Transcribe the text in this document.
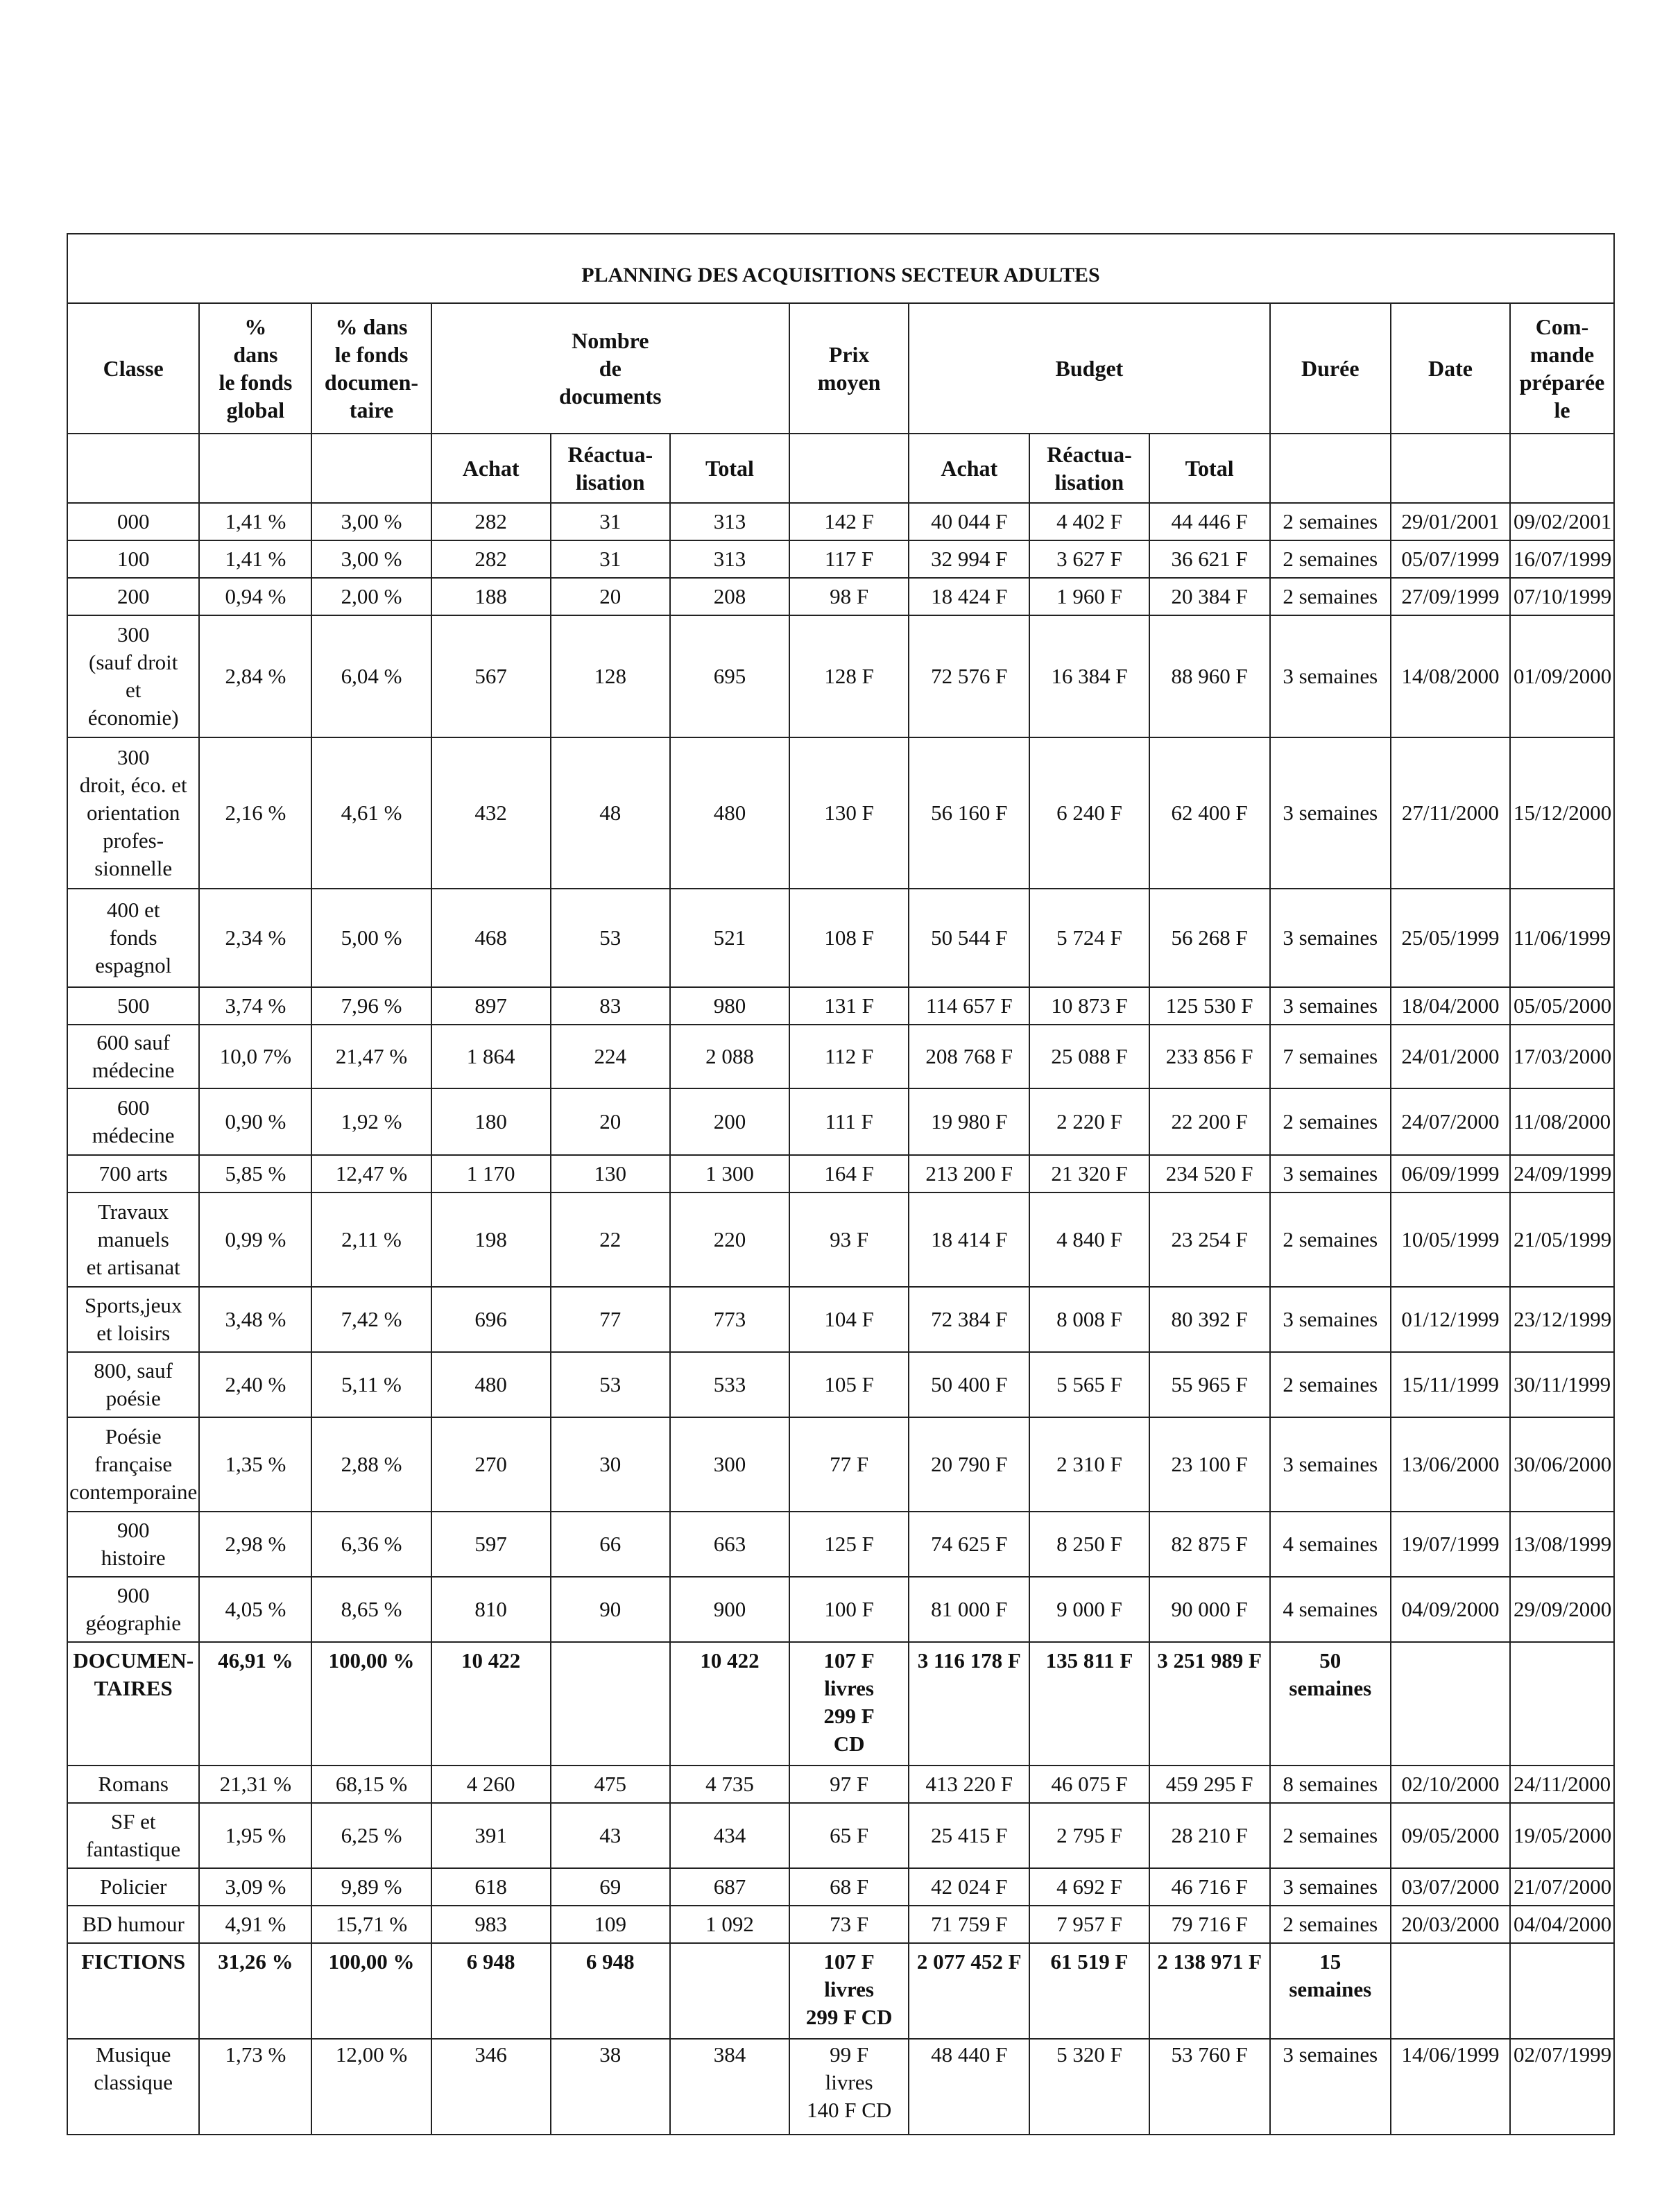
PLANNING DES ACQUISITIONS SECTEUR ADULTES												
Classe	%
dans
le fonds
global	% dans
le fonds
documen-
taire	Nombre
de
documents			Prix
moyen	Budget			Durée	Date	Com-
mande
préparée
le
			Achat	Réactua-
lisation	Total		Achat	Réactua-
lisation	Total			
000	1,41 %	3,00 %	282	31	313	142 F	40 044 F	4 402 F	44 446 F	2 semaines	29/01/2001	09/02/2001
100	1,41 %	3,00 %	282	31	313	117 F	32 994 F	3 627 F	36 621 F	2 semaines	05/07/1999	16/07/1999
200	0,94 %	2,00 %	188	20	208	98 F	18 424 F	1 960 F	20 384 F	2 semaines	27/09/1999	07/10/1999
300
(sauf droit
et
économie)	2,84 %	6,04 %	567	128	695	128 F	72 576 F	16 384 F	88 960 F	3 semaines	14/08/2000	01/09/2000
300
droit, éco. et
orientation
profes-
sionnelle	2,16 %	4,61 %	432	48	480	130 F	56 160 F	6 240 F	62 400 F	3 semaines	27/11/2000	15/12/2000
400 et
fonds
espagnol	2,34 %	5,00 %	468	53	521	108 F	50 544 F	5 724 F	56 268 F	3 semaines	25/05/1999	11/06/1999
500	3,74 %	7,96 %	897	83	980	131 F	114 657 F	10 873 F	125 530 F	3 semaines	18/04/2000	05/05/2000
600 sauf
médecine	10,0 7%	21,47 %	1 864	224	2 088	112 F	208 768 F	25 088 F	233 856 F	7 semaines	24/01/2000	17/03/2000
600
médecine	0,90 %	1,92 %	180	20	200	111 F	19 980 F	2 220 F	22 200 F	2 semaines	24/07/2000	11/08/2000
700 arts	5,85 %	12,47 %	1 170	130	1 300	164 F	213 200 F	21 320 F	234 520 F	3 semaines	06/09/1999	24/09/1999
Travaux
manuels
et artisanat	0,99 %	2,11 %	198	22	220	93 F	18 414 F	4 840 F	23 254 F	2 semaines	10/05/1999	21/05/1999
Sports,jeux
et loisirs	3,48 %	7,42 %	696	77	773	104 F	72 384 F	8 008 F	80 392 F	3 semaines	01/12/1999	23/12/1999
800, sauf
poésie	2,40 %	5,11 %	480	53	533	105 F	50 400 F	5 565 F	55 965 F	2 semaines	15/11/1999	30/11/1999
Poésie
française
contemporaine	1,35 %	2,88 %	270	30	300	77 F	20 790 F	2 310 F	23 100 F	3 semaines	13/06/2000	30/06/2000
900
histoire	2,98 %	6,36 %	597	66	663	125 F	74 625 F	8 250 F	82 875 F	4 semaines	19/07/1999	13/08/1999
900
géographie	4,05 %	8,65 %	810	90	900	100 F	81 000 F	9 000 F	90 000 F	4 semaines	04/09/2000	29/09/2000
DOCUMEN-
TAIRES	46,91 %	100,00 %	10 422		10 422	107 F
livres
299 F
CD	3 116 178 F	135 811 F	3 251 989 F	50
semaines		
Romans	21,31 %	68,15 %	4 260	475	4 735	97 F	413 220 F	46 075 F	459 295 F	8 semaines	02/10/2000	24/11/2000
SF et
fantastique	1,95 %	6,25 %	391	43	434	65 F	25 415 F	2 795 F	28 210 F	2 semaines	09/05/2000	19/05/2000
Policier	3,09 %	9,89 %	618	69	687	68 F	42 024 F	4 692 F	46 716 F	3 semaines	03/07/2000	21/07/2000
BD humour	4,91 %	15,71 %	983	109	1 092	73 F	71 759 F	7 957 F	79 716 F	2 semaines	20/03/2000	04/04/2000
FICTIONS	31,26 %	100,00 %	6 948	6 948		107 F
livres
299 F CD	2 077 452 F	61 519 F	2 138 971 F	15
semaines		
Musique
classique	1,73 %	12,00 %	346	38	384	99 F
livres
140 F CD	48 440 F	5 320 F	53 760 F	3 semaines	14/06/1999	02/07/1999
